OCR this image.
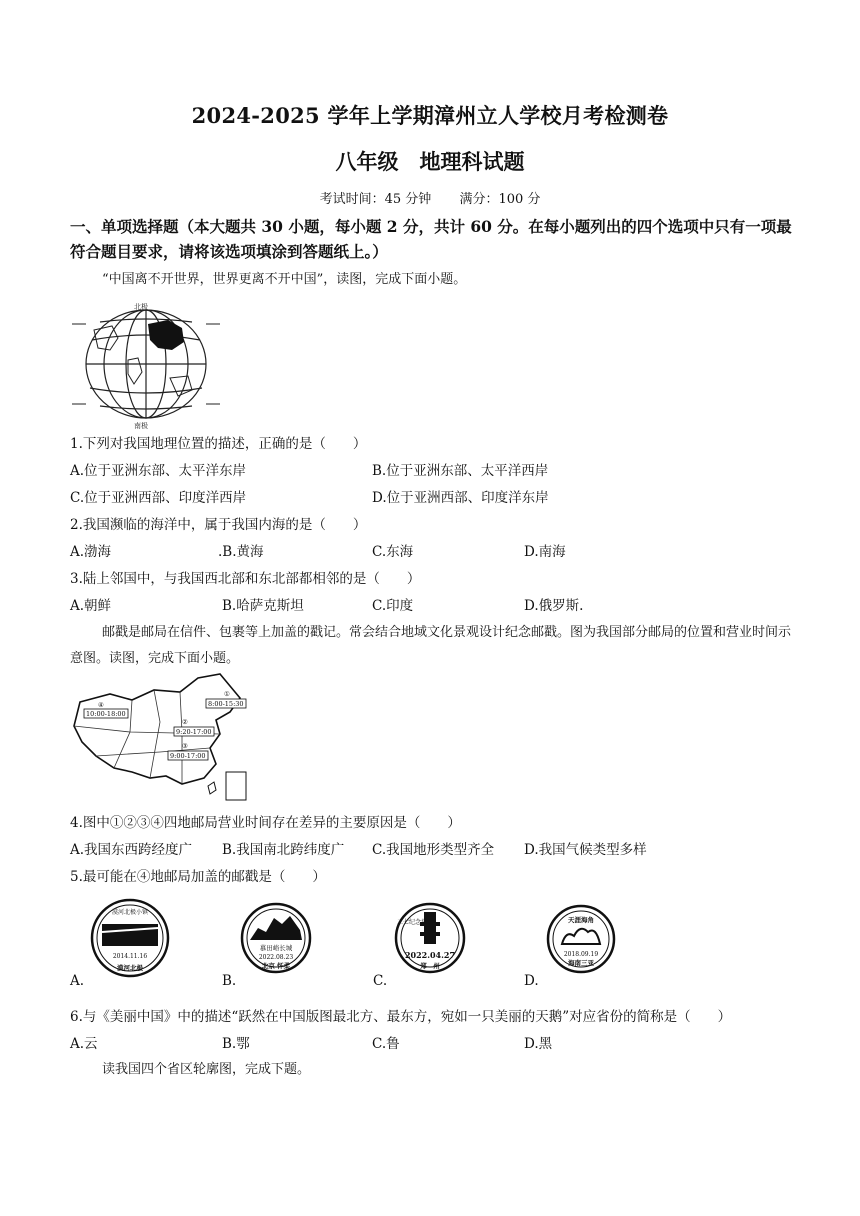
2024-2025 学年上学期漳州立人学校月考检测卷
八年级　地理科试题
考试时间：45 分钟 满分：100 分
一、单项选择题（本大题共 30 小题，每小题 2 分，共计 60 分。在每小题列出的四个选项中只有一项最符合题目要求，请将该选项填涂到答题纸上。）
“中国离不开世界，世界更离不开中国”，读图，完成下面小题。
北极
南极
1.下列对我国地理位置的描述，正确的是（　　）
A.位于亚洲东部、太平洋东岸	B.位于亚洲东部、太平洋西岸
C.位于亚洲西部、印度洋西岸	D.位于亚洲西部、印度洋东岸
2.我国濒临的海洋中，属于我国内海的是（　　）
A.渤海	.B.黄海	C.东海	D.南海
3.陆上邻国中，与我国西北部和东北部都相邻的是（　　）
A.朝鲜	B.哈萨克斯坦	C.印度	D.俄罗斯.
邮戳是邮局在信件、包裹等上加盖的戳记。常会结合地域文化景观设计纪念邮戳。图为我国部分邮局的位置和营业时间示意图。读图，完成下面小题。
④
10:00-18:00
①
8:00-15:30
②
9:20-17:00
③
9:00-17:00
4.图中①②③④四地邮局营业时间存在差异的主要原因是（　　）
A.我国东西跨经度广 B.我国南北跨纬度广 C.我国地形类型齐全 D.我国气候类型多样
5.最可能在④地邮局加盖的邮戳是（　　）
2014.11.16
漠河北极
漠河北极小镇
A.
慕田峪长城
2022.08.23
北京 怀柔
B.
二七纪念塔
2022.04.27
郑　州
C.
天涯海角
2018.09.19
海南三亚
D.
6.与《美丽中国》中的描述“跃然在中国版图最北方、最东方，宛如一只美丽的天鹅”对应省份的简称是（　　）
A.云	B.鄂	C.鲁	D.黑
读我国四个省区轮廓图，完成下题。
